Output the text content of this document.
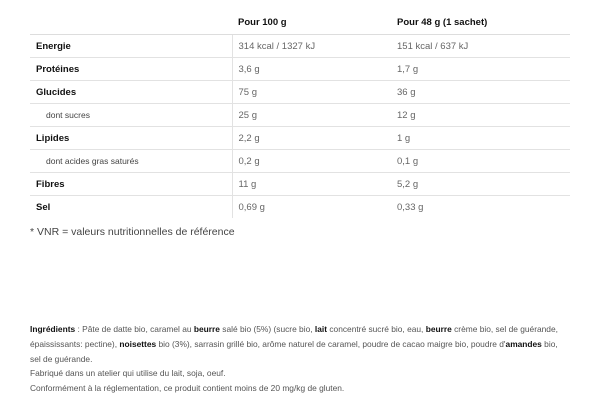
	Pour 100 g	Pour 48 g (1 sachet)
Energie	314 kcal / 1327 kJ	151 kcal / 637 kJ
Protéines	3,6 g	1,7 g
Glucides	75 g	36 g
dont sucres	25 g	12 g
Lipides	2,2 g	1 g
dont acides gras saturés	0,2 g	0,1 g
Fibres	11 g	5,2 g
Sel	0,69 g	0,33 g
* VNR = valeurs nutritionnelles de référence

Ingrédients : Pâte de datte bio, caramel au beurre salé bio (5%) (sucre bio, lait concentré sucré bio, eau, beurre crème bio, sel de guérande, épaississants: pectine), noisettes bio (3%), sarrasin grillé bio, arôme naturel de caramel, poudre de cacao maigre bio, poudre d'amandes bio, sel de guérande.

Fabriqué dans un atelier qui utilise du lait, soja, oeuf.

Conformément à la réglementation, ce produit contient moins de 20 mg/kg de gluten.
